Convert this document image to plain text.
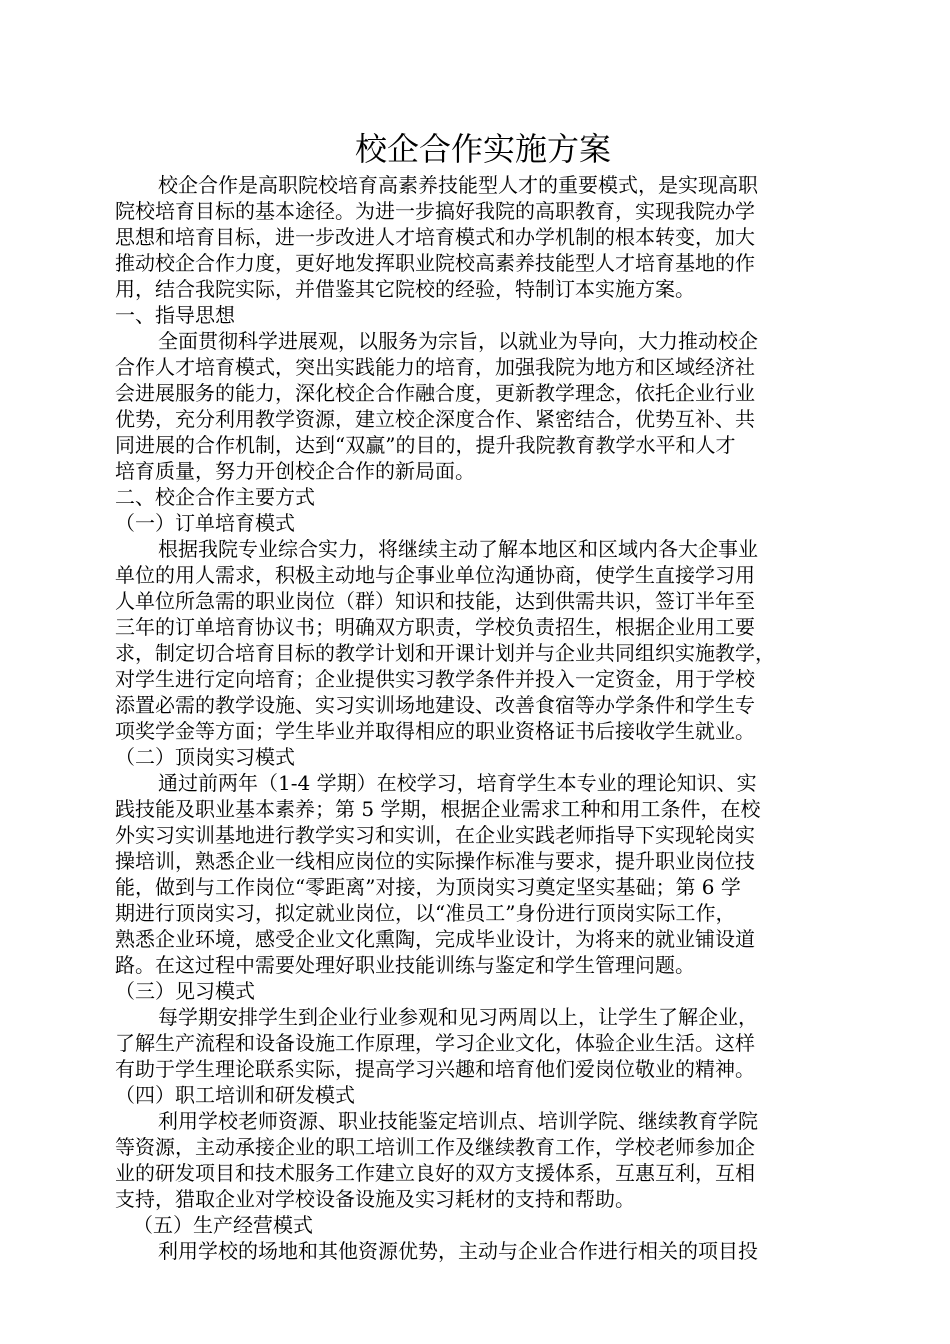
校企合作实施方案
校企合作是高职院校培育高素养技能型人才的重要模式，是实现高职
院校培育目标的基本途径。为进一步搞好我院的高职教育，实现我院办学
思想和培育目标，进一步改进人才培育模式和办学机制的根本转变，加大
推动校企合作力度，更好地发挥职业院校高素养技能型人才培育基地的作
用，结合我院实际，并借鉴其它院校的经验，特制订本实施方案。
一、指导思想
全面贯彻科学进展观，以服务为宗旨，以就业为导向，大力推动校企
合作人才培育模式，突出实践能力的培育，加强我院为地方和区域经济社
会进展服务的能力，深化校企合作融合度，更新教学理念，依托企业行业
优势，充分利用教学资源，建立校企深度合作、紧密结合，优势互补、共
同进展的合作机制，达到“双赢”的目的，提升我院教育教学水平和人才
培育质量，努力开创校企合作的新局面。
二、校企合作主要方式
（一）订单培育模式
根据我院专业综合实力，将继续主动了解本地区和区域内各大企事业
单位的用人需求，积极主动地与企事业单位沟通协商，使学生直接学习用
人单位所急需的职业岗位（群）知识和技能，达到供需共识，签订半年至
三年的订单培育协议书；明确双方职责，学校负责招生，根据企业用工要
求，制定切合培育目标的教学计划和开课计划并与企业共同组织实施教学，
对学生进行定向培育；企业提供实习教学条件并投入一定资金，用于学校
添置必需的教学设施、实习实训场地建设、改善食宿等办学条件和学生专
项奖学金等方面；学生毕业并取得相应的职业资格证书后接收学生就业。
（二）顶岗实习模式
通过前两年（1-4 学期）在校学习，培育学生本专业的理论知识、实
践技能及职业基本素养；第 5 学期，根据企业需求工种和用工条件，在校
外实习实训基地进行教学实习和实训，在企业实践老师指导下实现轮岗实
操培训，熟悉企业一线相应岗位的实际操作标准与要求，提升职业岗位技
能，做到与工作岗位“零距离”对接，为顶岗实习奠定坚实基础；第 6 学
期进行顶岗实习，拟定就业岗位，以“准员工”身份进行顶岗实际工作，
熟悉企业环境，感受企业文化熏陶，完成毕业设计，为将来的就业铺设道
路。在这过程中需要处理好职业技能训练与鉴定和学生管理问题。
（三）见习模式
每学期安排学生到企业行业参观和见习两周以上，让学生了解企业，
了解生产流程和设备设施工作原理，学习企业文化，体验企业生活。这样
有助于学生理论联系实际，提高学习兴趣和培育他们爱岗位敬业的精神。
（四）职工培训和研发模式
利用学校老师资源、职业技能鉴定培训点、培训学院、继续教育学院
等资源，主动承接企业的职工培训工作及继续教育工作，学校老师参加企
业的研发项目和技术服务工作建立良好的双方支援体系，互惠互利，互相
支持，猎取企业对学校设备设施及实习耗材的支持和帮助。
（五）生产经营模式
利用学校的场地和其他资源优势，主动与企业合作进行相关的项目投
